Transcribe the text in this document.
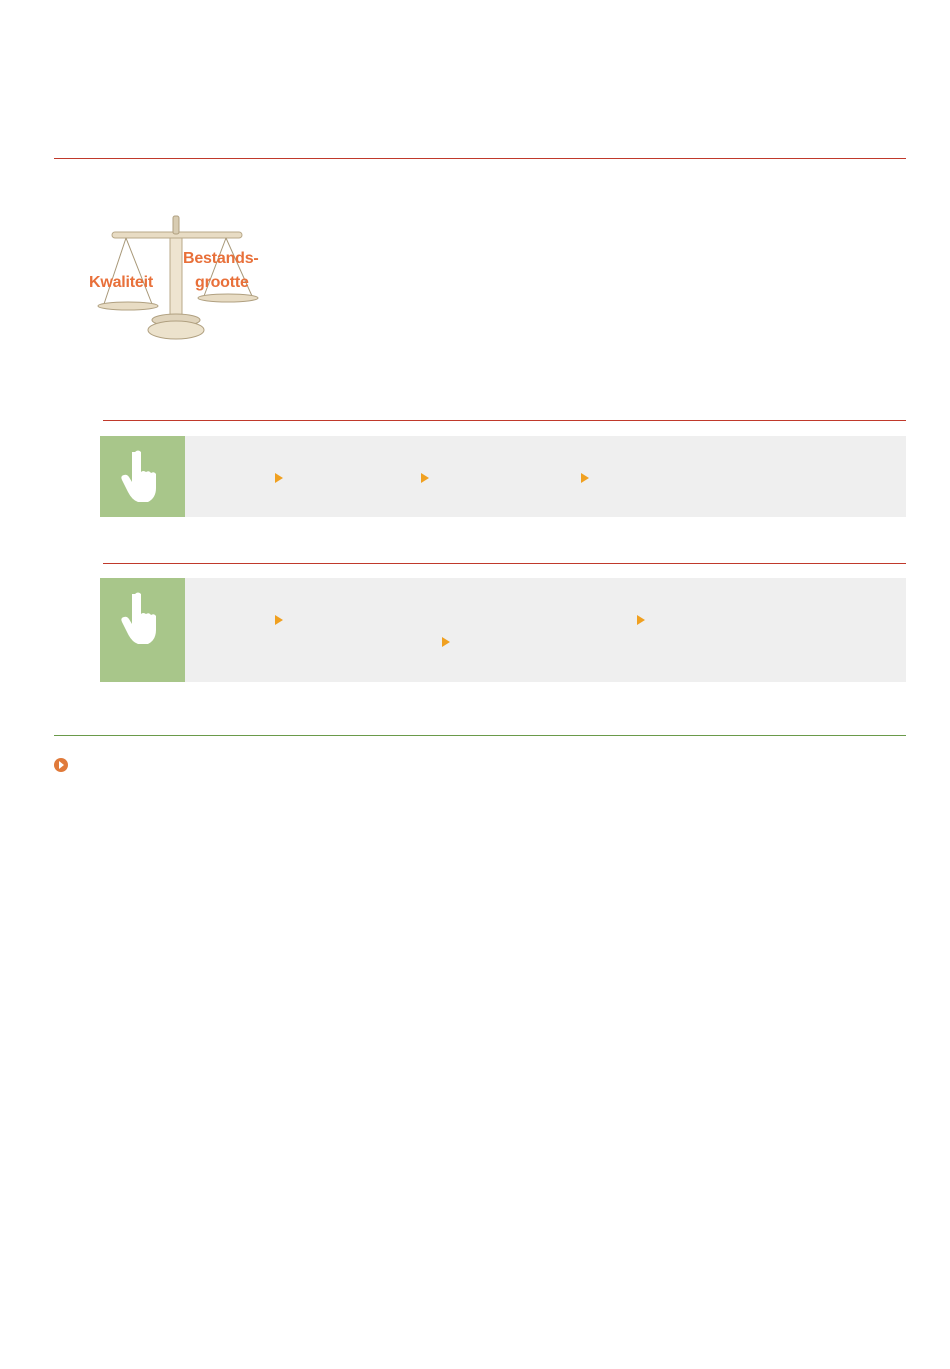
Kwaliteit
Bestands-
grootte
